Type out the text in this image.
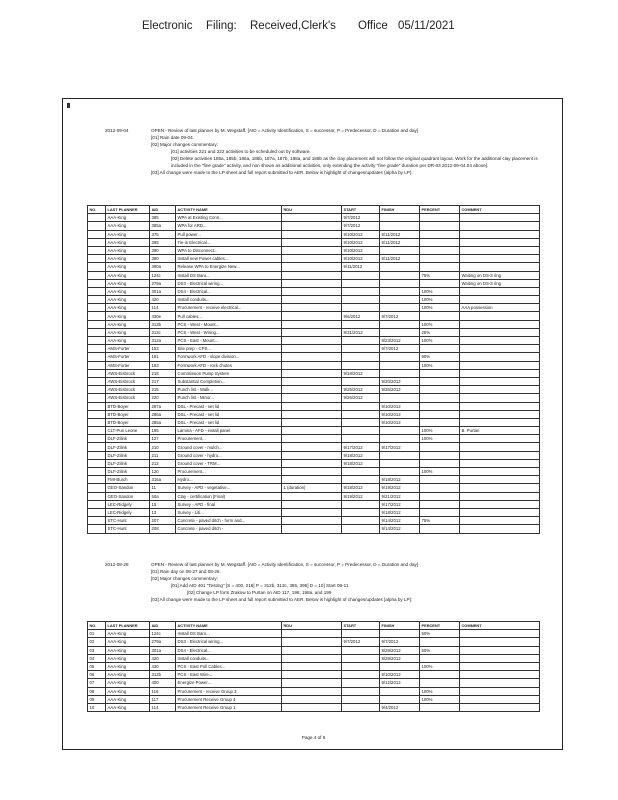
Electronic Filing: Received,Clerk's Office 05/11/2021
2012-09-04	OPEN - Review of last planner by M. Wegstaff. [AID = Activity Identification, S = successor, P = Predecessor, D = Duration and day]
[01] Rain date 09-04.
[02] Major changes commentary:
[01] activities 221 and 222 activities to be scheduled out by software.
[02] Delete activities 185a, 185b, 186a, 186b, 187a, 187b, 188a, and 188b as the clay placement will not follow the original quadrant layout. Work for the additional clay placement is included in the "fine grade" activity, and non shown as additional activities, only extending the activity "fine grade" duration per DR-03 2012-09-04.04 above].
[03] All change were made to the LP sheet and full report submitted to AER. Below is highlight of changes/updates (alpha by LP):
NO.	LAST PLANNER	AID	ACTIVITY NAME	RDU	START	FINISH	PERCENT	COMMENT
	AAA-King	385	WPA at Existing Conn...		9/7/2012			
	AAA-King	385a	WPA for ARD...		9/7/2012			
	AAA-King	375	Pull power...		9/10/2012	9/11/2012		
	AAA-King	395	Tie-in Electrical...		9/10/2012	9/11/2012		
	AAA-King	390	WPA to Disconnect...		9/10/2012			
	AAA-King	380	Install new Power cables...		9/10/2012	9/11/2012		
	AAA-King	390a	Release WPA to Energize New...		9/11/2012			
	AAA-King	124c	Install DS Baro...				75%	Waiting on DS-3 ring
	AAA-King	279a	DS3 - Electrical wiring...					Waiting on DS-3 ring
	AAA-King	301a	DS4 - Electrical...				100%	
	AAA-King	420	Install conduits...				100%	
	AAA-King	114	Procurement - receive electrical...				100%	AAA possession
	AAA-King	430e	Pull cables...		9/6/2012	9/7/2012		
	AAA-King	313b	PCS - West - Mount...				100%	
	AAA-King	313c	PCS - West - Wiring...		8/31/2012		25%	
	AAA-King	312a	PCS - East - Mount...			8/23/2012	100%	
	AMS-Forter	153	Site prep - CPS...			9/7/2012		
	AMS-Forter	191	Formwork AFD - slope division...				90%	
	AMS-Forter	193	Formwork AFD - rock chutes				100%	
	AWS-Eisbrock	218	Commission Pump System		9/18/2012			
	AWS-Eisbrock	217	Substantial Completion...			9/20/2012		
	AWS-Eisbrock	215	Punch list - Walk...		9/25/2012	9/26/2012		
	AWS-Eisbrock	220	Punch list - Minor...		9/26/2012			
	BTD-Boyer	287a	DSL - Precast - set lid			9/10/2012		
	BTD-Boyer	286a	DSL - Precast - set lid			9/10/2012		
	BTD-Boyer	285a	DSL - Precast - set lid			9/10/2012		
	CLT-Pun Leone	195	Lamina - AFD - install panel				100%	B. Purtan
	DLF-Zilink	127	Procurement...				100%	
	DLF-Zilink	210	Ground cover - mulch...		9/17/2012	9/17/2012		
	DLF-Zilink	211	Ground cover - hydro...		9/18/2012			
	DLF-Zilink	212	Ground cover - TRM...		9/18/2012			
	DLF-Zilink	120	Procurement...				100%	
	FMI-Burch	316a	Hydro...			9/18/2012		
	GEO-Sandon	11	Survey - APD - vegetative...	1 (duration)	9/18/2012	9/19/2012		
	GEO-Sandon	50a	Clay - certification (Final)		9/19/2012	9/21/2012		
	LEC-Ridgely	15	Survey - APD - final			9/17/2012		
	LEC-Ridgely	13	Survey - Liti...			9/18/2012		
	STC-Hunt	207	Concrete - paved ditch - form and...			9/14/2012	75%	
	STC-Hunt	208	Concrete - paved ditch -			9/14/2012		
2012-08-28	OPEN - Review of last planner by M. Wegstaff. [AID = Activity Identification, S = successor, P = Predecessor, D = Duration and day]
[01] Rain day on 08-27 and 08-28.
[02] Major changes commentary:
[01] Add AID 401 "Testing" [S = 400, 216] P = 312b, 313c, 385, 395] D = 10] Start 09-11
[02] Change LP form Zrakow to Purtan on AID 117, 198, 198a, and 199
[03] All change were made to the LP sheet and full report submitted to AER. Below is highlight of changes/updates [alpha by LP]:
NO.	LAST PLANNER	AID	ACTIVITY NAME	RDU	START	FINISH	PERCENT	COMMENT
01	AAA-King	124c	Install DS Baro...				50%	
02	AAA-King	279a	DS3 - Electrical wiring...		9/7/2012	9/7/2012		
03	AAA-King	301a	DS4 - Electrical...			8/29/2012	50%	
04	AAA-King	420	Install conduits...			8/29/2012		
05	AAA-King	430	PCS - East Pull Cables...				100%	
06	AAA-King	312b	PCS - East Wire...			9/10/2012		
07	AAA-King	400	Energize Power...			9/12/2012		
08	AAA-King	116	Procurement - receive Group 3				100%	
09	AAA-King	117	Procurement Receive Group 4				100%	
10	AAA-King	114	Procurement Receive Group 1			9/4/2012		
Page 4 of 6
